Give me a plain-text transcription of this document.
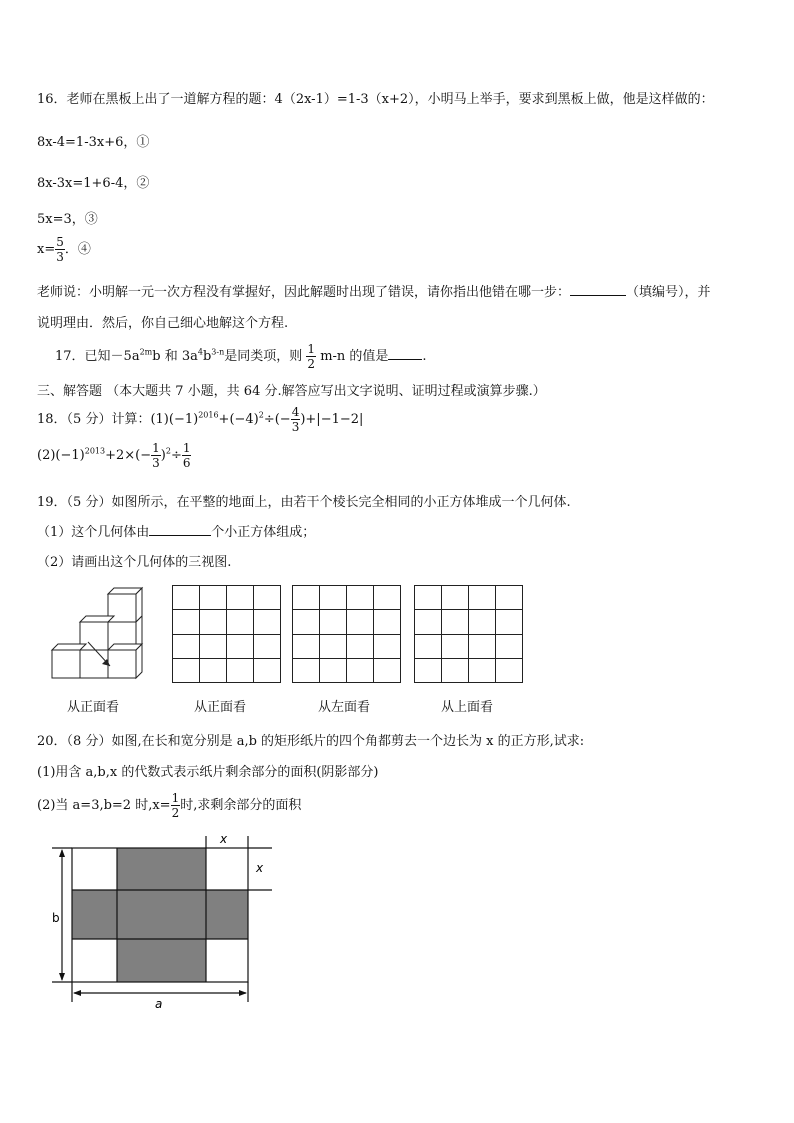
16．老师在黑板上出了一道解方程的题：4（2x-1）=1-3（x+2），小明马上举手，要求到黑板上做，他是这样做的：
8x-4=1-3x+6，①
8x-3x=1+6-4，②
5x=3，③
$x= \frac{5}{3}$ ．④
老师说：小明解一元一次方程没有掌握好，因此解题时出现了错误，请你指出他错在哪一步：	（填编号），并
说明理由．然后，你自己细心地解这个方程.
17．已知$-5a^{2m}b$ 和 $3a^4b^{3-n}$是同类项，则 $\frac{1}{2} m-n$ 的值是	.
三、解答题 （本大题共 7 小题，共 64 分.解答应写出文字说明、证明过程或演算步骤.）
18．（5 分）计算：$(1)(-1)^{2016}+(-4)^2\div(- \frac{4}{3} )+|-1-2|$
$(2)(-1)^{2013}+2\times(- \frac{1}{3} )^2\div \frac{1}{6}$
19．（5 分）如图所示，在平整的地面上，由若干个棱长完全相同的小正方体堆成一个几何体.
（1）这个几何体由	个小正方体组成；
（2）请画出这个几何体的三视图.
从正面看	从正面看	从左面看	从上面看
20．（8 分）如图,在长和宽分别是 a,b 的矩形纸片的四个角都剪去一个边长为 x 的正方形,试求:
(1)用含 a,b,x 的代数式表示纸片剩余部分的面积(阴影部分)
(2)当 a=3,b=2 时$,x= \frac{1}{2}$ 时,求剩余部分的面积
x
x
b
a
